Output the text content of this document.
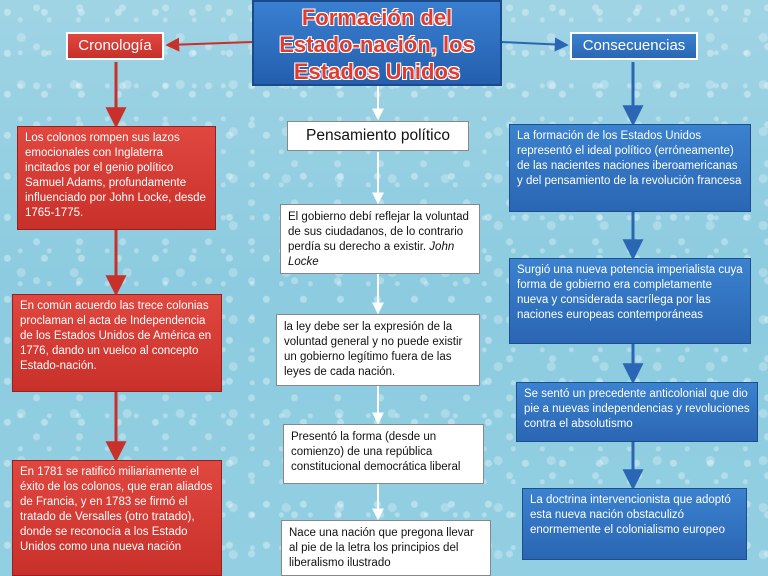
Formación del
Estado-nación, los
Estados Unidos
Cronología	Consecuencias
Pensamiento político
Los colonos rompen sus lazos emocionales con Inglaterra incitados por el genio político Samuel Adams, profundamente influenciado por John Locke, desde 1765-1775.
En común acuerdo las trece colonias proclaman el acta de Independencia de los Estados Unidos de América en 1776, dando un vuelco al concepto Estado-nación.
En 1781 se ratificó miliariamente el éxito de los colonos, que eran aliados de Francia, y en 1783 se firmó el tratado de Versalles (otro tratado), donde se reconocía a los Estado Unidos como una nueva nación
El gobierno debí reflejar la voluntad de sus ciudadanos, de lo contrario perdía su derecho a existir. John Locke
la ley debe ser la expresión de la voluntad general y no puede existir un gobierno legítimo fuera de las leyes de cada nación.
Presentó la forma (desde un comienzo) de una república constitucional democrática liberal
Nace una nación que pregona llevar al pie de la letra los principios del liberalismo ilustrado
La formación de los Estados Unidos representó el ideal político (erróneamente) de las nacientes naciones iberoamericanas y del pensamiento de la revolución francesa
Surgió una nueva potencia imperialista cuya forma de gobierno era completamente nueva y considerada sacrílega por las naciones europeas contemporáneas
Se sentó un precedente anticolonial que dio pie a nuevas independencias y revoluciones contra el absolutismo
La doctrina intervencionista que adoptó esta nueva nación obstaculizó enormemente el colonialismo europeo
